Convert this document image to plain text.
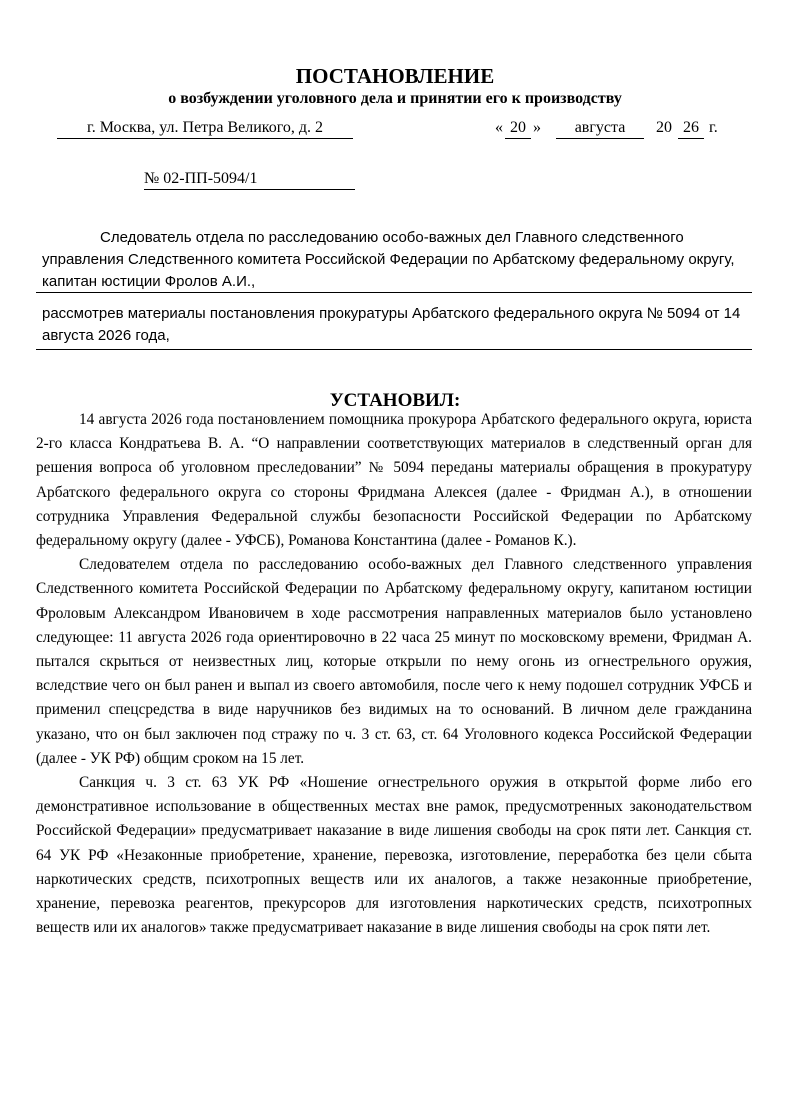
ПОСТАНОВЛЕНИЕ
о возбуждении уголовного дела и принятии его к производству
г. Москва, ул. Петра Великого, д. 2	« 20 »	августа	20 26 г.
№ 02-ПП-5094/1
Следователь отдела по расследованию особо-важных дел Главного следственного управления Следственного комитета Российской Федерации по Арбатскому федеральному округу, капитан юстиции Фролов А.И.,
рассмотрев материалы постановления прокуратуры Арбатского федерального округа № 5094 от 14 августа 2026 года,
УСТАНОВИЛ:

14 августа 2026 года постановлением помощника прокурора Арбатского федерального округа, юриста 2-го класса Кондратьева В. А. “О направлении соответствующих материалов в следственный орган для решения вопроса об уголовном преследовании” № 5094 переданы материалы обращения в прокуратуру Арбатского федерального округа со стороны Фридмана Алексея (далее - Фридман А.), в отношении сотрудника Управления Федеральной службы безопасности Российской Федерации по Арбатскому федеральному округу (далее - УФСБ), Романова Константина (далее - Романов К.).

Следователем отдела по расследованию особо-важных дел Главного следственного управления Следственного комитета Российской Федерации по Арбатскому федеральному округу, капитаном юстиции Фроловым Александром Ивановичем в ходе рассмотрения направленных материалов было установлено следующее: 11 августа 2026 года ориентировочно в 22 часа 25 минут по московскому времени, Фридман А. пытался скрыться от неизвестных лиц, которые открыли по нему огонь из огнестрельного оружия, вследствие чего он был ранен и выпал из своего автомобиля, после чего к нему подошел сотрудник УФСБ и применил спецсредства в виде наручников без видимых на то оснований. В личном деле гражданина указано, что он был заключен под стражу по ч. 3 ст. 63, ст. 64 Уголовного кодекса Российской Федерации (далее - УК РФ) общим сроком на 15 лет.

Санкция ч. 3 ст. 63 УК РФ «Ношение огнестрельного оружия в открытой форме либо его демонстративное использование в общественных местах вне рамок, предусмотренных законодательством Российской Федерации» предусматривает наказание в виде лишения свободы на срок пяти лет. Санкция ст. 64 УК РФ «Незаконные приобретение, хранение, перевозка, изготовление, переработка без цели сбыта наркотических средств, психотропных веществ или их аналогов, а также незаконные приобретение, хранение, перевозка реагентов, прекурсоров для изготовления наркотических средств, психотропных веществ или их аналогов» также предусматривает наказание в виде лишения свободы на срок пяти лет.
